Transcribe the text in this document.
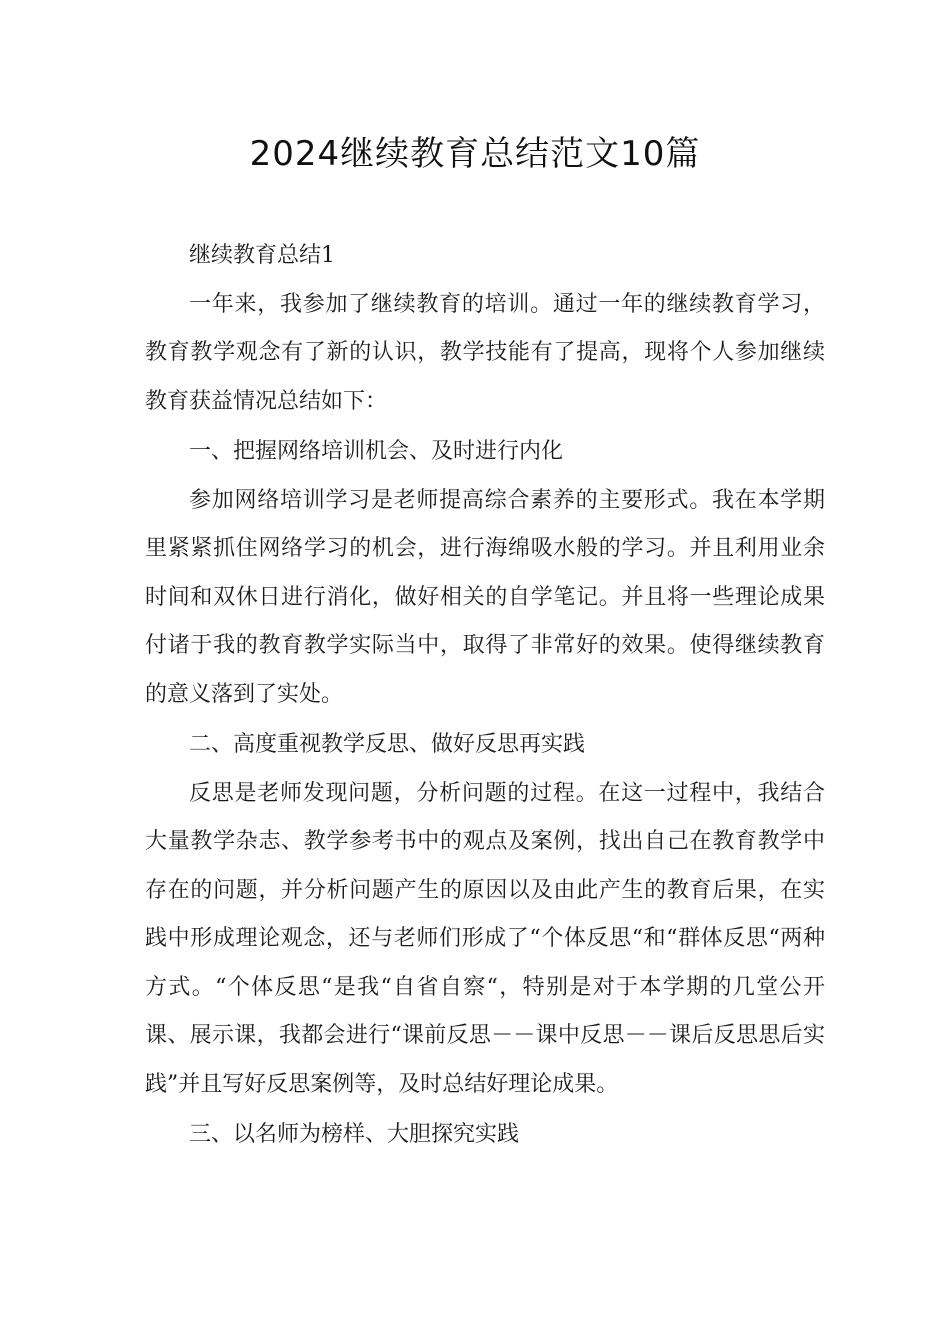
2024继续教育总结范文10篇

继续教育总结1

一年来，我参加了继续教育的培训。通过一年的继续教育学习，教育教学观念有了新的认识，教学技能有了提高，现将个人参加继续教育获益情况总结如下：

一、把握网络培训机会、及时进行内化

参加网络培训学习是老师提高综合素养的主要形式。我在本学期里紧紧抓住网络学习的机会，进行海绵吸水般的学习。并且利用业余时间和双休日进行消化，做好相关的自学笔记。并且将一些理论成果付诸于我的教育教学实际当中，取得了非常好的效果。使得继续教育的意义落到了实处。

二、高度重视教学反思、做好反思再实践

反思是老师发现问题，分析问题的过程。在这一过程中，我结合大量教学杂志、教学参考书中的观点及案例，找出自己在教育教学中存在的问题，并分析问题产生的原因以及由此产生的教育后果，在实践中形成理论观念，还与老师们形成了“个体反思“和“群体反思“两种方式。“个体反思“是我“自省自察“，特别是对于本学期的几堂公开课、展示课，我都会进行“课前反思－－课中反思－－课后反思思后实践”并且写好反思案例等，及时总结好理论成果。

三、以名师为榜样、大胆探究实践
